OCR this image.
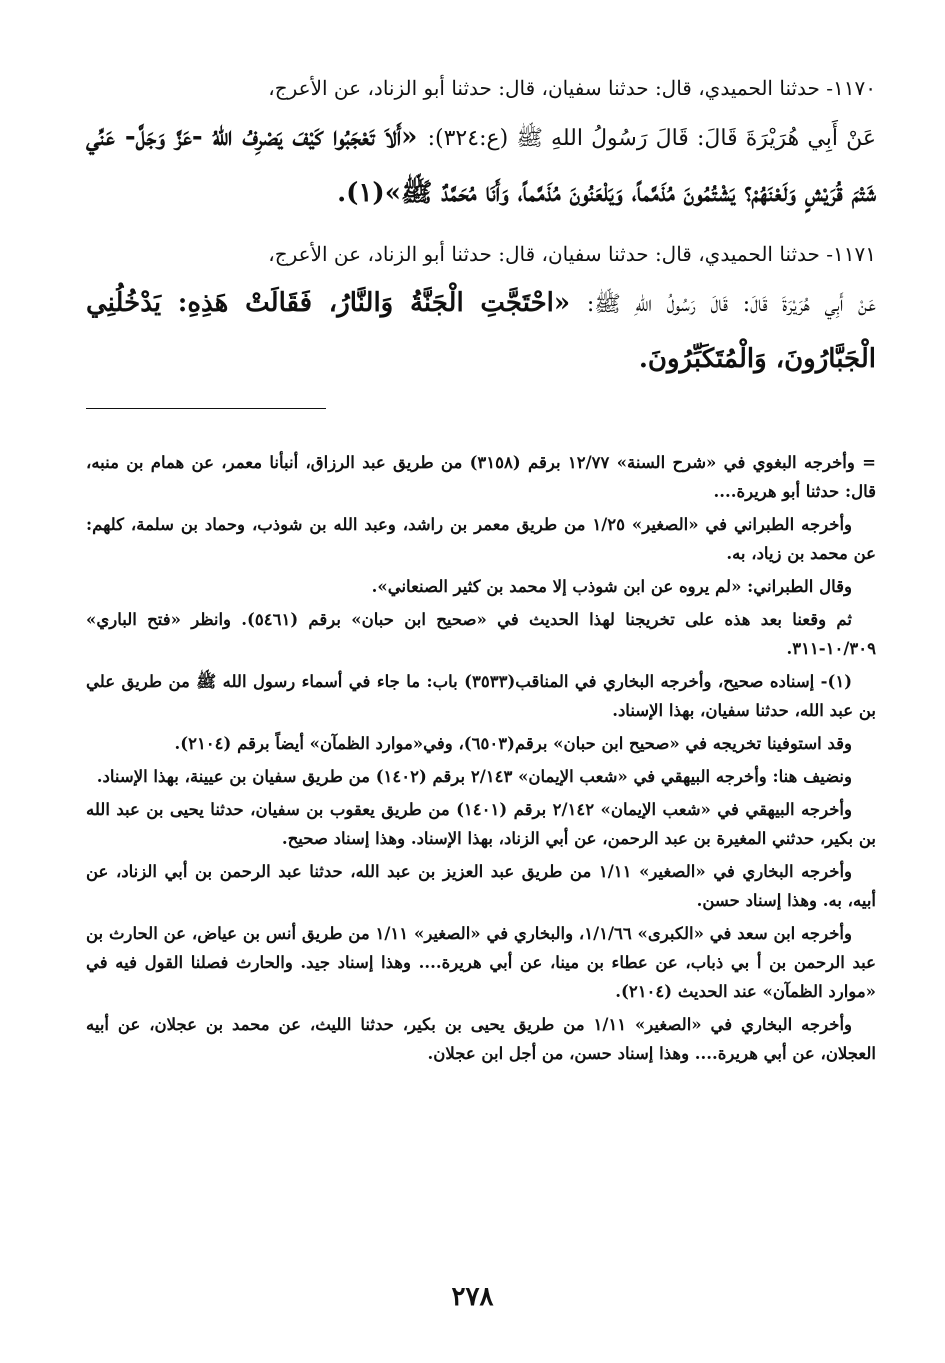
١١٧٠- حدثنا الحميدي، قال: حدثنا سفيان، قال: حدثنا أبو الزناد، عن الأعرج،
عَنْ أَبِي هُرَيْرَةَ قَالَ: قَالَ رَسُولُ اللهِ ﷺ (ع:٣٢٤): «أَلاَ تَعْجَبُوا كَيْفَ يَصْرِفُ اللهُ -عَزَّ وَجَلَّ- عَنِّي شَتْمَ قُرَيْشٍ وَلَعْنَهُمْ؟ يَشْتُمُونَ مُذَمَّماً، وَيَلْعَنُونَ مُذَمَّماً، وَأَنَا مُحَمَّدٌ ﷺ»(١).
١١٧١- حدثنا الحميدي، قال: حدثنا سفيان، قال: حدثنا أبو الزناد، عن الأعرج،
عَنْ أَبِي هُرَيْرَةَ قَالَ: قَالَ رَسُولُ اللهِ ﷺ: «احْتَجَّتِ الْجَنَّةُ وَالنَّارُ، فَقَالَتْ هَذِهِ: يَدْخُلُنِي الْجَبَّارُونَ، وَالْمُتَكَبِّرُونَ.

= وأخرجه البغوي في «شرح السنة» ١٢/٧٧ برقم (٣١٥٨) من طريق عبد الرزاق، أنبأنا معمر، عن همام بن منبه، قال: حدثنا أبو هريرة....

وأخرجه الطبراني في «الصغير» ١/٢٥ من طريق معمر بن راشد، وعبد الله بن شوذب، وحماد بن سلمة، كلهم: عن محمد بن زياد، به.

وقال الطبراني: «لم يروه عن ابن شوذب إلا محمد بن كثير الصنعاني».

ثم وقعنا بعد هذه على تخريجنا لهذا الحديث في «صحيح ابن حبان» برقم (٥٤٦١). وانظر «فتح الباري» ١٠/٣٠٩-٣١١.

(١)- إسناده صحيح، وأخرجه البخاري في المناقب(٣٥٣٣) باب: ما جاء في أسماء رسول الله ﷺ من طريق علي بن عبد الله، حدثنا سفيان، بهذا الإسناد.

وقد استوفينا تخريجه في «صحيح ابن حبان» برقم(٦٥٠٣)، وفي«موارد الظمآن» أيضاً برقم (٢١٠٤).

ونضيف هنا: وأخرجه البيهقي في «شعب الإيمان» ٢/١٤٣ برقم (١٤٠٢) من طريق سفيان بن عيينة، بهذا الإسناد.

وأخرجه البيهقي في «شعب الإيمان» ٢/١٤٢ برقم (١٤٠١) من طريق يعقوب بن سفيان، حدثنا يحيى بن عبد الله بن بكير، حدثني المغيرة بن عبد الرحمن، عن أبي الزناد، بهذا الإسناد. وهذا إسناد صحيح.

وأخرجه البخاري في «الصغير» ١/١١ من طريق عبد العزيز بن عبد الله، حدثنا عبد الرحمن بن أبي الزناد، عن أبيه، به. وهذا إسناد حسن.

وأخرجه ابن سعد في «الكبرى» ١/١/٦٦، والبخاري في «الصغير» ١/١١ من طريق أنس بن عياض، عن الحارث بن عبد الرحمن بن أ بي ذباب، عن عطاء بن مينا، عن أبي هريرة.... وهذا إسناد جيد. والحارث فصلنا القول فيه في «موارد الظمآن» عند الحديث (٢١٠٤).

وأخرجه البخاري في «الصغير» ١/١١ من طريق يحيى بن بكير، حدثنا الليث، عن محمد بن عجلان، عن أبيه العجلان، عن أبي هريرة.... وهذا إسناد حسن، من أجل ابن عجلان.

٢٧٨
